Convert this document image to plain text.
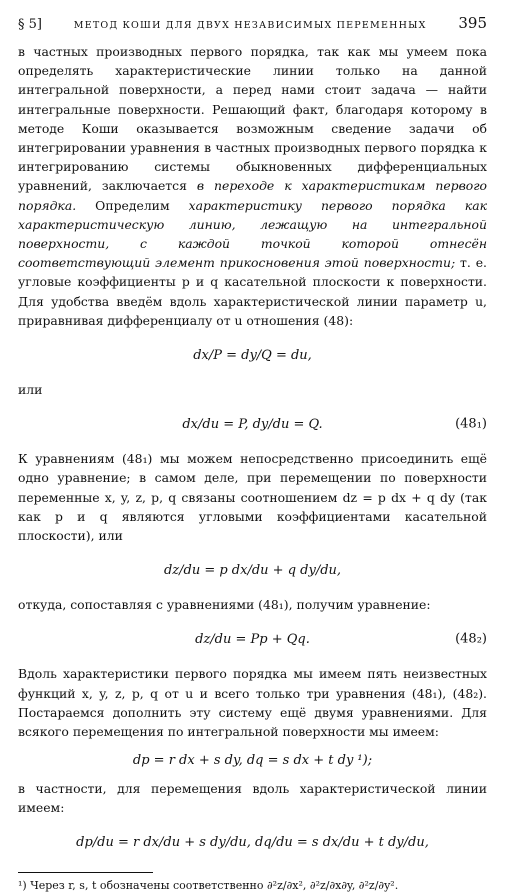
§ 5]	МЕТОД КОШИ ДЛЯ ДВУХ НЕЗАВИСИМЫХ ПЕРЕМЕННЫХ 395

в частных производных первого порядка, так как мы умеем пока определять характеристические линии только на данной интегральной поверхности, а перед нами стоит задача — найти интегральные поверхности. Решающий факт, благодаря которому в методе Коши оказывается возможным сведение задачи об интегрировании уравнения в частных производных первого порядка к интегрированию системы обыкновенных дифференциальных уравнений, заключается в переходе к характеристикам первого порядка. Определим характеристику первого порядка как характеристическую линию, лежащую на интегральной поверхности, с каждой точкой которой отнесён соответствующий элемент прикосновения этой поверхности; т. е. угловые коэффициенты p и q касательной плоскости к поверхности. Для удобства введём вдоль характеристической линии параметр u, приравнивая дифференциалу от u отношения (48):

dx/P = dy/Q = du,

или

dx/du = P, dy/du = Q.	(48₁)

К уравнениям (48₁) мы можем непосредственно присоединить ещё одно уравнение; в самом деле, при перемещении по поверхности переменные x, y, z, p, q связаны соотношением dz = p dx + q dy (так как p и q являются угловыми коэффициентами касательной плоскости), или

dz/du = p dx/du + q dy/du,

откуда, сопоставляя с уравнениями (48₁), получим уравнение:

dz/du = Pp + Qq.	(48₂)

Вдоль характеристики первого порядка мы имеем пять неизвестных функций x, y, z, p, q от u и всего только три уравнения (48₁), (48₂). Постараемся дополнить эту систему ещё двумя уравнениями. Для всякого перемещения по интегральной поверхности мы имеем:

dp = r dx + s dy, dq = s dx + t dy ¹);

в частности, для перемещения вдоль характеристической линии имеем:

dp/du = r dx/du + s dy/du, dq/du = s dx/du + t dy/du,
¹) Через r, s, t обозначены соответственно ∂²z/∂x², ∂²z/∂x∂y, ∂²z/∂y².
